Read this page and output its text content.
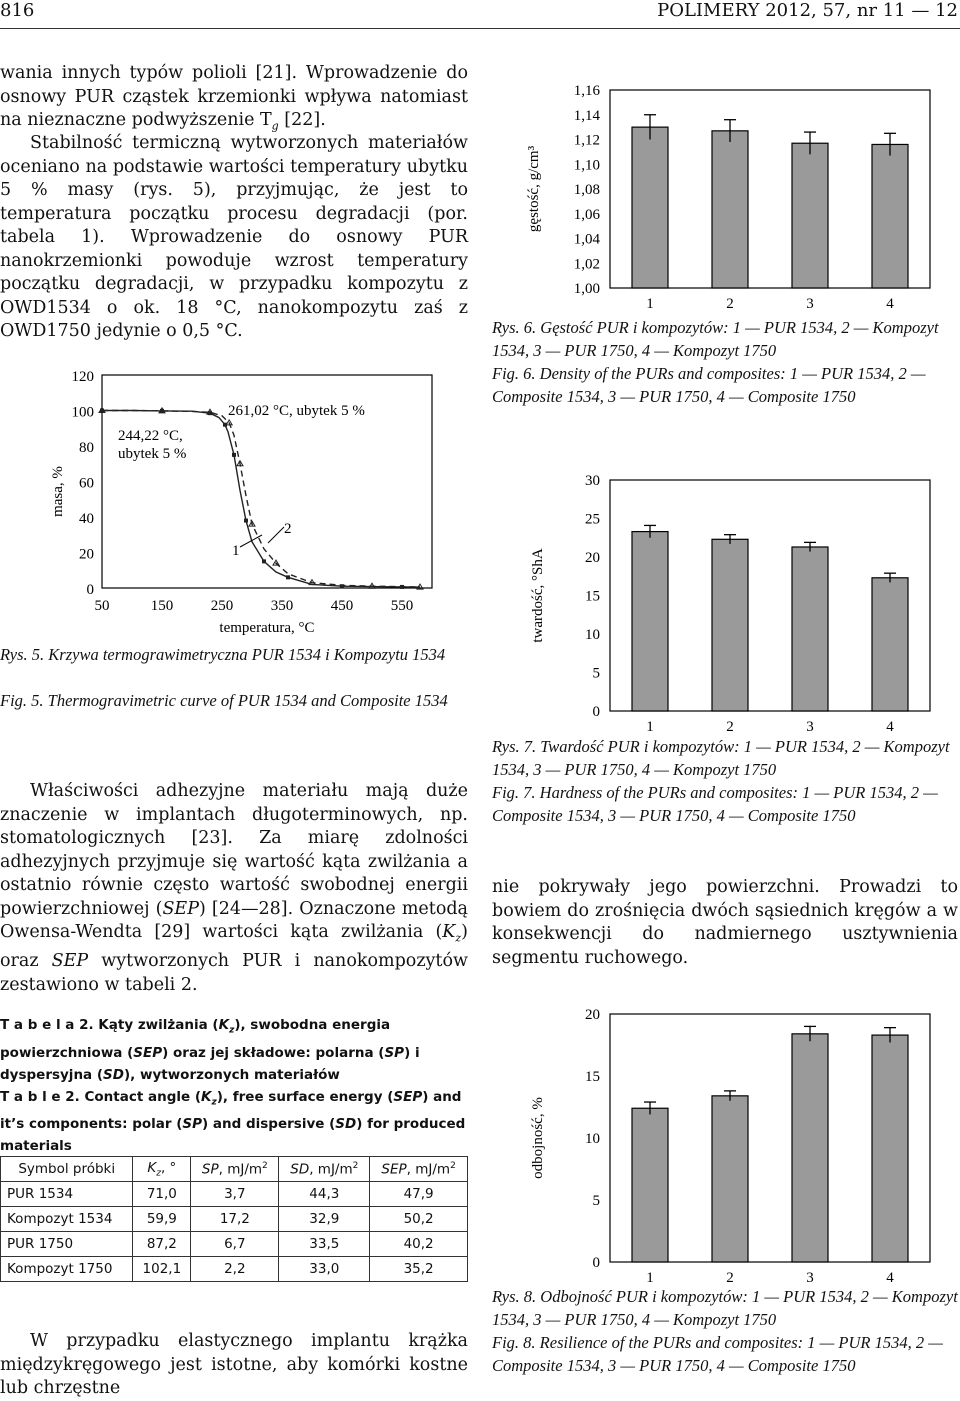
816	POLIMERY 2012, 57, nr 11 — 12
wania innych typów polioli [21]. Wprowadzenie do osnowy PUR cząstek krzemionki wpływa natomiast na nieznaczne podwyższenie $T_g$ [22].
Stabilność termiczną wytworzonych materiałów oceniano na podstawie wartości temperatury ubytku 5 % masy (rys. 5), przyjmując, że jest to temperatura początku procesu degradacji (por. tabela 1). Wprowadzenie do osnowy PUR nanokrzemionki powoduje wzrost temperatury początku degradacji, w przypadku kompozytu z OWD1534 o ok. 18 °C, nanokompozytu zaś z OWD1750 jedynie o 0,5 °C.
0
20
40
60
80
100
120
50	150	250	350	450	550
temperatura, °C
masa, %
261,02 °C, ubytek 5 %
244,22 °C,
ubytek 5 %
1
2
Rys. 5. Krzywa termograwimetryczna PUR 1534 i Kompozytu 1534
Fig. 5. Thermogravimetric curve of PUR 1534 and Composite 1534
Właściwości adhezyjne materiału mają duże znaczenie w implantach długoterminowych, np. stomatologicznych [23]. Za miarę zdolności adhezyjnych przyjmuje się wartość kąta zwilżania a ostatnio równie często wartość swobodnej energii powierzchniowej (SEP) [24—28]. Oznaczone metodą Owensa-Wendta [29] wartości kąta zwilżania $(K_z)$ oraz SEP wytworzonych PUR i nanokompozytów zestawiono w tabeli 2.
T a b e l a 2. Kąty zwilżania $(K_z)$, swobodna energia powierzchniowa (SEP) oraz jej składowe: polarna (SP) i dyspersyjna (SD), wytworzonych materiałów
T a b l e 2. Contact angle $(K_z)$, free surface energy (SEP) and it’s components: polar (SP) and dispersive (SD) for produced materials
Symbol próbki	$K_z$, °	SP, $mJ/m^2$	SD, $mJ/m^2$	SEP, $mJ/m^2$
PUR 1534	71,0	3,7	44,3	47,9
Kompozyt 1534	59,9	17,2	32,9	50,2
PUR 1750	87,2	6,7	33,5	40,2
Kompozyt 1750	102,1	2,2	33,0	35,2
W przypadku elastycznego implantu krążka międzykręgowego jest istotne, aby komórki kostne lub chrzęstne
1,00
1,02
1,04
1,06
1,08
1,10
1,12
1,14
1,16
gęstość, g/cm³
1	2	3	4
Rys. 6. Gęstość PUR i kompozytów: 1 — PUR 1534, 2 — Kompozyt 1534, 3 — PUR 1750, 4 — Kompozyt 1750
Fig. 6. Density of the PURs and composites: 1 — PUR 1534, 2 — Composite 1534, 3 — PUR 1750, 4 — Composite 1750
0
5
10
15
20
25
30
twardość, °ShA
1	2	3	4
Rys. 7. Twardość PUR i kompozytów: 1 — PUR 1534, 2 — Kompozyt 1534, 3 — PUR 1750, 4 — Kompozyt 1750
Fig. 7. Hardness of the PURs and composites: 1 — PUR 1534, 2 — Composite 1534, 3 — PUR 1750, 4 — Composite 1750
nie pokrywały jego powierzchni. Prowadzi to bowiem do zrośnięcia dwóch sąsiednich kręgów a w konsekwencji do nadmiernego usztywnienia segmentu ruchowego.
0
5
10
15
20
odbojność, %
1	2	3	4
Rys. 8. Odbojność PUR i kompozytów: 1 — PUR 1534, 2 — Kompozyt 1534, 3 — PUR 1750, 4 — Kompozyt 1750
Fig. 8. Resilience of the PURs and composites: 1 — PUR 1534, 2 — Composite 1534, 3 — PUR 1750, 4 — Composite 1750
